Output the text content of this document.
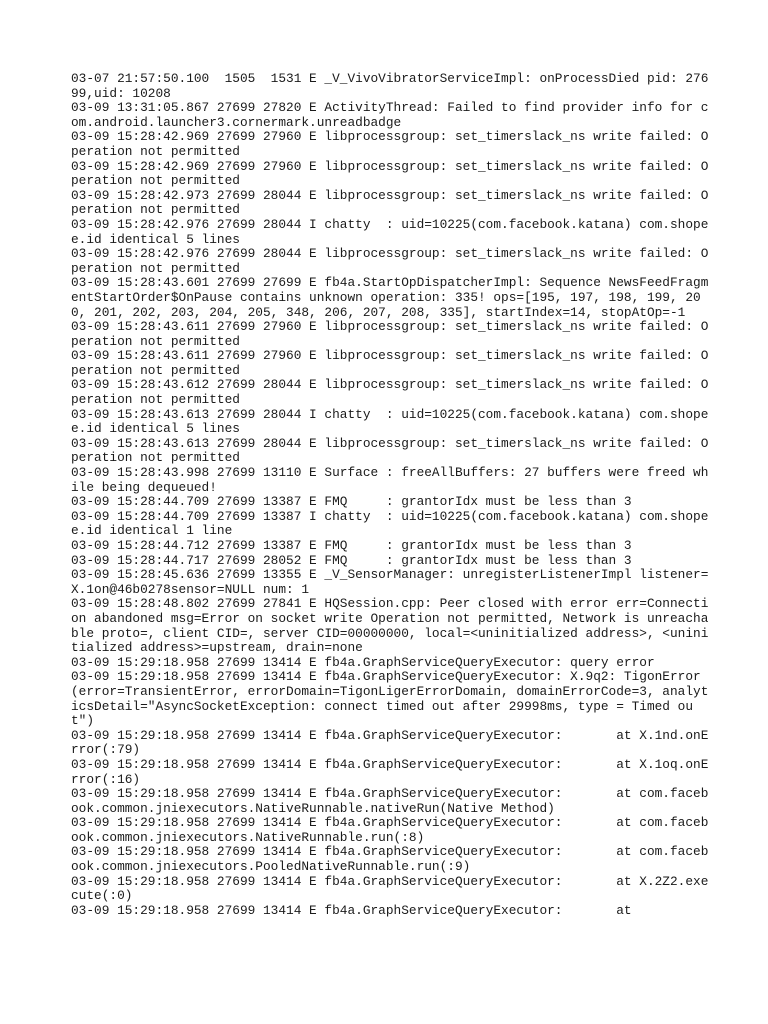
03-07 21:57:50.100  1505  1531 E _V_VivoVibratorServiceImpl: onProcessDied pid: 27699,uid: 10208

03-09 13:31:05.867 27699 27820 E ActivityThread: Failed to find provider info for com.android.launcher3.cornermark.unreadbadge

03-09 15:28:42.969 27699 27960 E libprocessgroup: set_timerslack_ns write failed: Operation not permitted

03-09 15:28:42.969 27699 27960 E libprocessgroup: set_timerslack_ns write failed: Operation not permitted

03-09 15:28:42.973 27699 28044 E libprocessgroup: set_timerslack_ns write failed: Operation not permitted

03-09 15:28:42.976 27699 28044 I chatty  : uid=10225(com.facebook.katana) com.shopee.id identical 5 lines

03-09 15:28:42.976 27699 28044 E libprocessgroup: set_timerslack_ns write failed: Operation not permitted

03-09 15:28:43.601 27699 27699 E fb4a.StartOpDispatcherImpl: Sequence NewsFeedFragmentStartOrder$OnPause contains unknown operation: 335! ops=[195, 197, 198, 199, 200, 201, 202, 203, 204, 205, 348, 206, 207, 208, 335], startIndex=14, stopAtOp=-1

03-09 15:28:43.611 27699 27960 E libprocessgroup: set_timerslack_ns write failed: Operation not permitted

03-09 15:28:43.611 27699 27960 E libprocessgroup: set_timerslack_ns write failed: Operation not permitted

03-09 15:28:43.612 27699 28044 E libprocessgroup: set_timerslack_ns write failed: Operation not permitted

03-09 15:28:43.613 27699 28044 I chatty  : uid=10225(com.facebook.katana) com.shopee.id identical 5 lines

03-09 15:28:43.613 27699 28044 E libprocessgroup: set_timerslack_ns write failed: Operation not permitted

03-09 15:28:43.998 27699 13110 E Surface : freeAllBuffers: 27 buffers were freed while being dequeued!

03-09 15:28:44.709 27699 13387 E FMQ     : grantorIdx must be less than 3

03-09 15:28:44.709 27699 13387 I chatty  : uid=10225(com.facebook.katana) com.shopee.id identical 1 line

03-09 15:28:44.712 27699 13387 E FMQ     : grantorIdx must be less than 3

03-09 15:28:44.717 27699 28052 E FMQ     : grantorIdx must be less than 3

03-09 15:28:45.636 27699 13355 E _V_SensorManager: unregisterListenerImpl listener=X.1on@46b0278sensor=NULL num: 1

03-09 15:28:48.802 27699 27841 E HQSession.cpp: Peer closed with error err=Connection abandoned msg=Error on socket write Operation not permitted, Network is unreachable proto=, client CID=, server CID=00000000, local=<uninitialized address>, <uninitialized address>=upstream, drain=none

03-09 15:29:18.958 27699 13414 E fb4a.GraphServiceQueryExecutor: query error

03-09 15:29:18.958 27699 13414 E fb4a.GraphServiceQueryExecutor: X.9q2: TigonError(error=TransientError, errorDomain=TigonLigerErrorDomain, domainErrorCode=3, analyticsDetail="AsyncSocketException: connect timed out after 29998ms, type = Timed out")

03-09 15:29:18.958 27699 13414 E fb4a.GraphServiceQueryExecutor:       at X.1nd.onError(:79)

03-09 15:29:18.958 27699 13414 E fb4a.GraphServiceQueryExecutor:       at X.1oq.onError(:16)

03-09 15:29:18.958 27699 13414 E fb4a.GraphServiceQueryExecutor:       at com.facebook.common.jniexecutors.NativeRunnable.nativeRun(Native Method)

03-09 15:29:18.958 27699 13414 E fb4a.GraphServiceQueryExecutor:       at com.facebook.common.jniexecutors.NativeRunnable.run(:8)

03-09 15:29:18.958 27699 13414 E fb4a.GraphServiceQueryExecutor:       at com.facebook.common.jniexecutors.PooledNativeRunnable.run(:9)

03-09 15:29:18.958 27699 13414 E fb4a.GraphServiceQueryExecutor:       at X.2Z2.execute(:0)

03-09 15:29:18.958 27699 13414 E fb4a.GraphServiceQueryExecutor:       at
